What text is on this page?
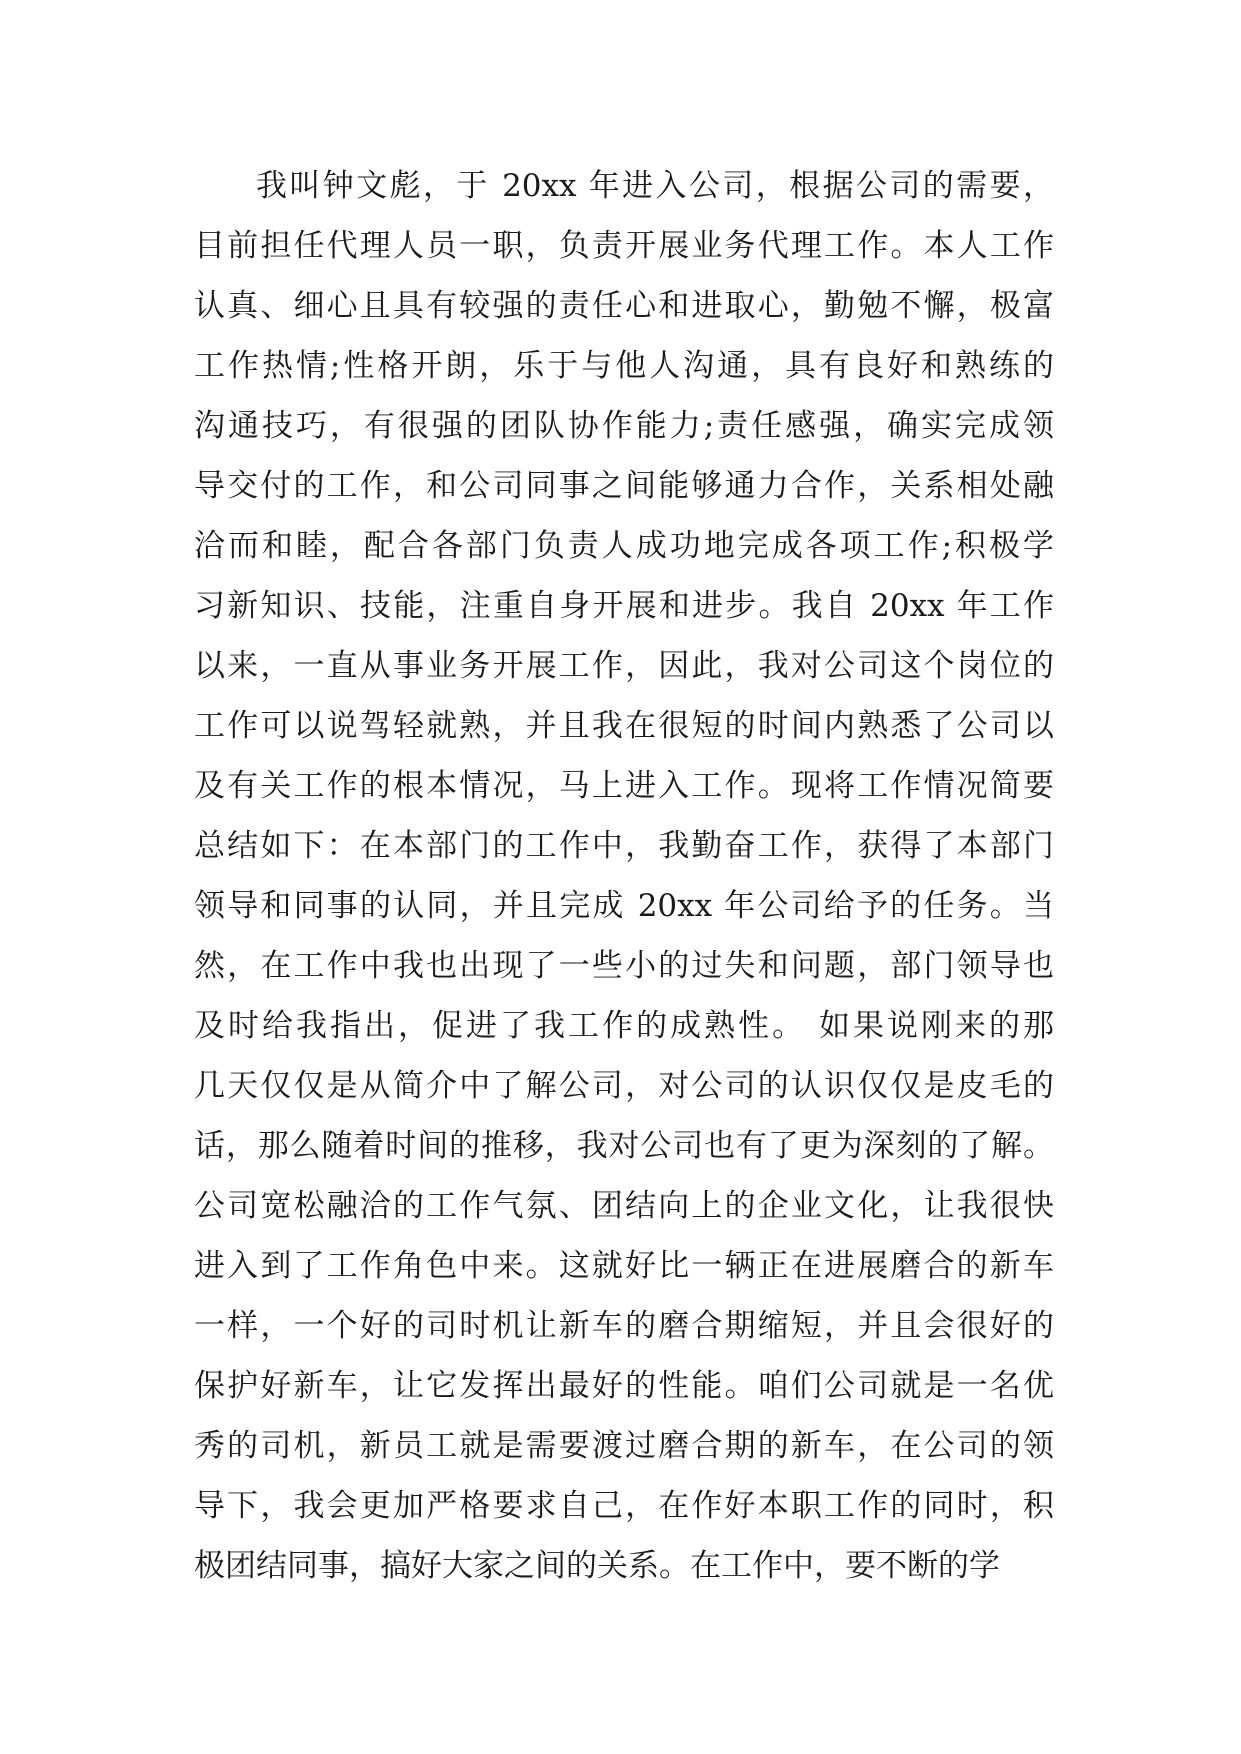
我叫钟文彪，于 20xx 年进入公司，根据公司的需要，
目前担任代理人员一职，负责开展业务代理工作。本人工作
认真、细心且具有较强的责任心和进取心，勤勉不懈，极富
工作热情;性格开朗，乐于与他人沟通，具有良好和熟练的
沟通技巧，有很强的团队协作能力;责任感强，确实完成领
导交付的工作，和公司同事之间能够通力合作，关系相处融
洽而和睦，配合各部门负责人成功地完成各项工作;积极学
习新知识、技能，注重自身开展和进步。我自 20xx 年工作
以来，一直从事业务开展工作，因此，我对公司这个岗位的
工作可以说驾轻就熟，并且我在很短的时间内熟悉了公司以
及有关工作的根本情况，马上进入工作。现将工作情况简要
总结如下：在本部门的工作中，我勤奋工作，获得了本部门
领导和同事的认同，并且完成 20xx 年公司给予的任务。当
然，在工作中我也出现了一些小的过失和问题，部门领导也
及时给我指出，促进了我工作的成熟性。 如果说刚来的那
几天仅仅是从简介中了解公司，对公司的认识仅仅是皮毛的
话，那么随着时间的推移，我对公司也有了更为深刻的了解。
公司宽松融洽的工作气氛、团结向上的企业文化，让我很快
进入到了工作角色中来。这就好比一辆正在进展磨合的新车
一样，一个好的司时机让新车的磨合期缩短，并且会很好的
保护好新车，让它发挥出最好的性能。咱们公司就是一名优
秀的司机，新员工就是需要渡过磨合期的新车，在公司的领
导下，我会更加严格要求自己，在作好本职工作的同时，积
极团结同事，搞好大家之间的关系。在工作中，要不断的学
